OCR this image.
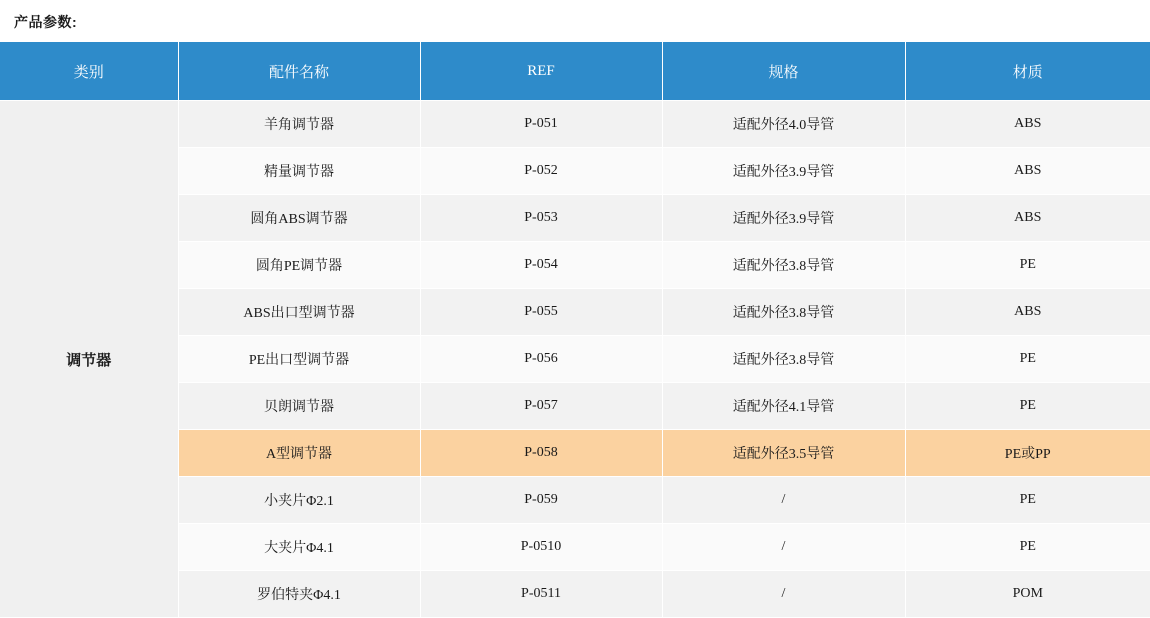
产品参数:
类别	配件名称	REF	规格	材质
调节器	羊角调节器	P-051	适配外径4.0导管	ABS
	精量调节器	P-052	适配外径3.9导管	ABS
	圆角ABS调节器	P-053	适配外径3.9导管	ABS
	圆角PE调节器	P-054	适配外径3.8导管	PE
	ABS出口型调节器	P-055	适配外径3.8导管	ABS
	PE出口型调节器	P-056	适配外径3.8导管	PE
	贝朗调节器	P-057	适配外径4.1导管	PE
	A型调节器	P-058	适配外径3.5导管	PE或PP
	小夹片Φ2.1	P-059	/	PE
	大夹片Φ4.1	P-0510	/	PE
	罗伯特夹Φ4.1	P-0511	/	POM
